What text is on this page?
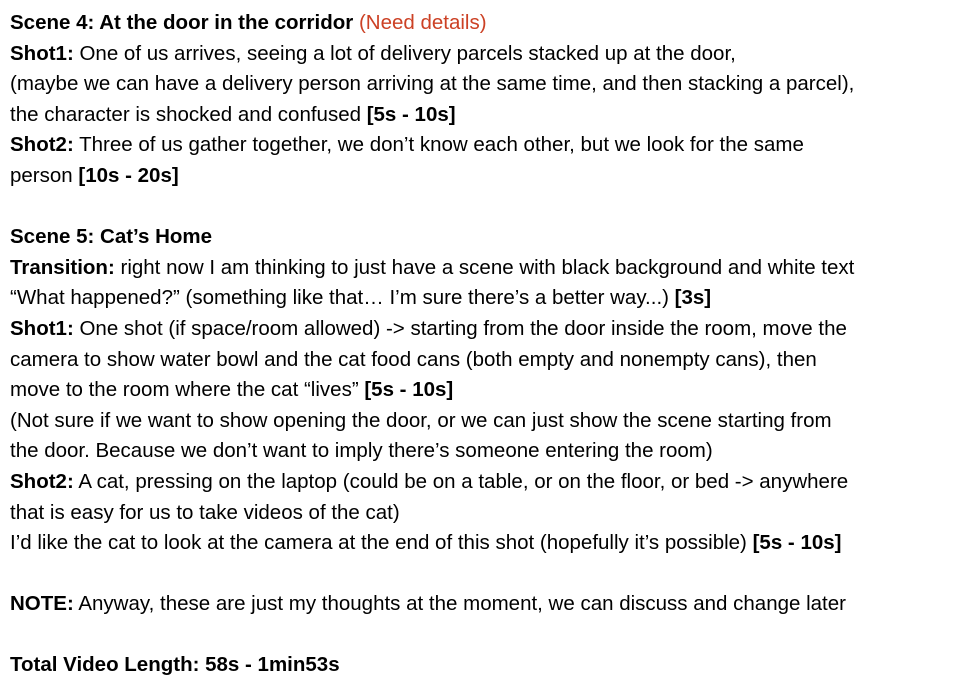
Scene 4: At the door in the corridor (Need details)

Shot1: One of us arrives, seeing a lot of delivery parcels stacked up at the door,

(maybe we can have a delivery person arriving at the same time, and then stacking a parcel),

the character is shocked and confused [5s - 10s]

Shot2: Three of us gather together, we don’t know each other, but we look for the same

person [10s - 20s]

Scene 5: Cat’s Home

Transition: right now I am thinking to just have a scene with black background and white text

“What happened?” (something like that… I’m sure there’s a better way...) [3s]

Shot1: One shot (if space/room allowed) -> starting from the door inside the room, move the

camera to show water bowl and the cat food cans (both empty and nonempty cans), then

move to the room where the cat “lives” [5s - 10s]

(Not sure if we want to show opening the door, or we can just show the scene starting from

the door. Because we don’t want to imply there’s someone entering the room)

Shot2: A cat, pressing on the laptop (could be on a table, or on the floor, or bed -> anywhere

that is easy for us to take videos of the cat)

I’d like the cat to look at the camera at the end of this shot (hopefully it’s possible) [5s - 10s]

NOTE: Anyway, these are just my thoughts at the moment, we can discuss and change later

Total Video Length: 58s - 1min53s
